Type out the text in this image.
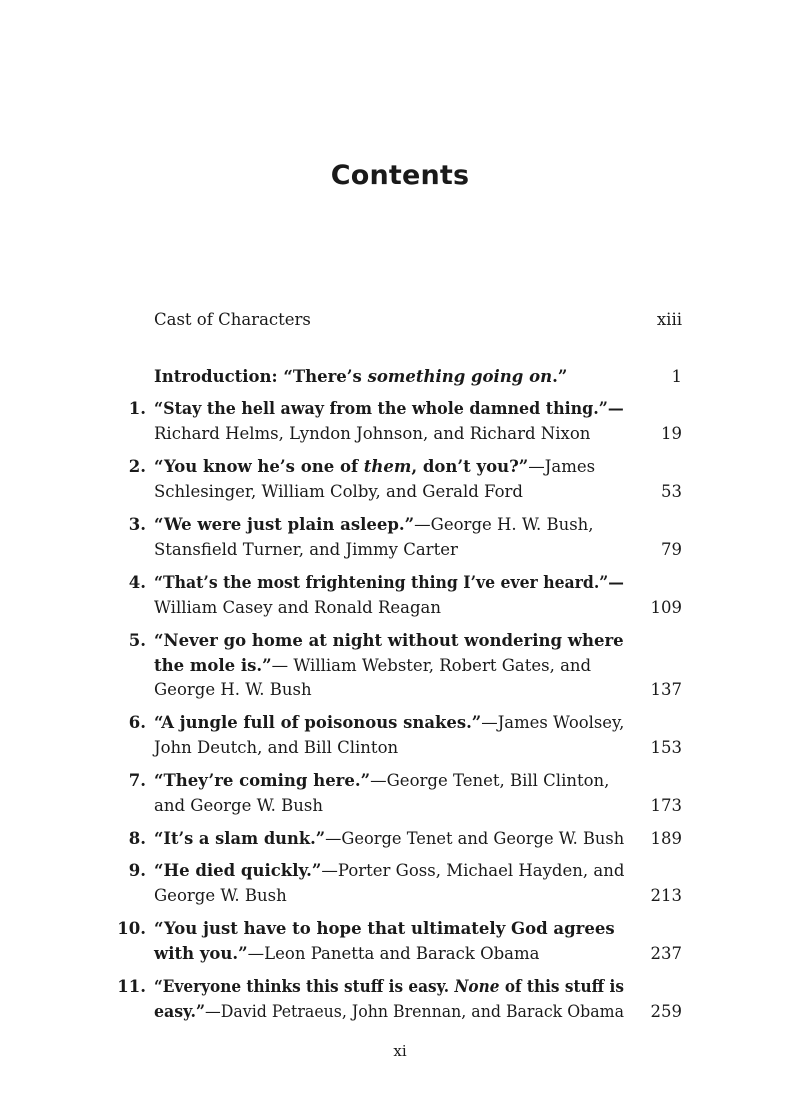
Contents
Cast of Characters	xiii
Introduction: “There’s something going on.”	1
1. “Stay the hell away from the whole damned thing.”—
Richard Helms, Lyndon Johnson, and Richard Nixon	19
2. “You know he’s one of them, don’t you?”—James
Schlesinger, William Colby, and Gerald Ford	53
3. “We were just plain asleep.”—George H. W. Bush,
Stansfield Turner, and Jimmy Carter	79
4. “That’s the most frightening thing I’ve ever heard.”—
William Casey and Ronald Reagan	109
5. “Never go home at night without wondering where
the mole is.”— William Webster, Robert Gates, and
George H. W. Bush	137
6. “A jungle full of poisonous snakes.”—James Woolsey,
John Deutch, and Bill Clinton	153
7. “They’re coming here.”—George Tenet, Bill Clinton,
and George W. Bush	173
8. “It’s a slam dunk.”—George Tenet and George W. Bush	189
9. “He died quickly.”—Porter Goss, Michael Hayden, and
George W. Bush	213
10. “You just have to hope that ultimately God agrees
with you.”—Leon Panetta and Barack Obama	237
11. “Everyone thinks this stuff is easy. None of this stuff is
easy.”—David Petraeus, John Brennan, and Barack Obama	259
xi
